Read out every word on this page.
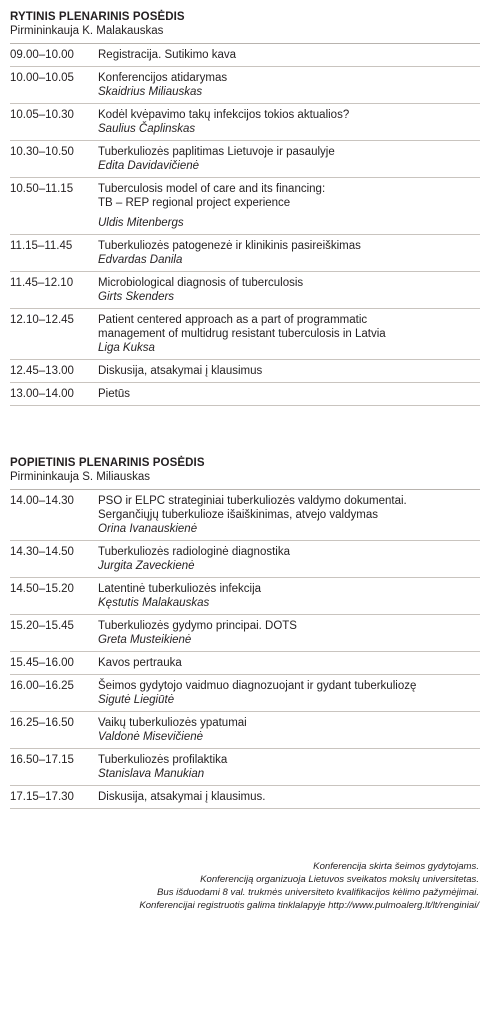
RYTINIS PLENARINIS POSĖDIS

Pirmininkauja K. Malakauskas

09.00–10.00	Registracija. Sutikimo kava
10.00–10.05	Konferencijos atidarymas
Skaidrius Miliauskas
10.05–10.30	Kodėl kvėpavimo takų infekcijos tokios aktualios?
Saulius Čaplinskas
10.30–10.50	Tuberkuliozės paplitimas Lietuvoje ir pasaulyje
Edita Davidavičienė
10.50–11.15	Tuberculosis model of care and its financing:
TB – REP regional project experience
Uldis Mitenbergs
11.15–11.45	Tuberkuliozės patogenezė ir klinikinis pasireiškimas
Edvardas Danila
11.45–12.10	Microbiological diagnosis of tuberculosis
Girts Skenders
12.10–12.45	Patient centered approach as a part of programmatic
management of multidrug resistant tuberculosis in Latvia
Liga Kuksa
12.45–13.00	Diskusija, atsakymai į klausimus
13.00–14.00	Pietūs
POPIETINIS PLENARINIS POSĖDIS

Pirmininkauja S. Miliauskas

14.00–14.30	PSO ir ELPC strateginiai tuberkuliozės valdymo dokumentai.
Sergančiųjų tuberkulioze išaiškinimas, atvejo valdymas
Orina Ivanauskienė
14.30–14.50	Tuberkuliozės radiologinė diagnostika
Jurgita Zaveckienė
14.50–15.20	Latentinė tuberkuliozės infekcija
Kęstutis Malakauskas
15.20–15.45	Tuberkuliozės gydymo principai. DOTS
Greta Musteikienė
15.45–16.00	Kavos pertrauka
16.00–16.25	Šeimos gydytojo vaidmuo diagnozuojant ir gydant tuberkuliozę
Sigutė Liegiūtė
16.25–16.50	Vaikų tuberkuliozės ypatumai
Valdonė Misevičienė
16.50–17.15	Tuberkuliozės profilaktika
Stanislava Manukian
17.15–17.30	Diskusija, atsakymai į klausimus.
Konferencija skirta šeimos gydytojams.
Konferenciją organizuoja Lietuvos sveikatos mokslų universitetas.
Bus išduodami 8 val. trukmės universiteto kvalifikacijos kėlimo pažymėjimai.
Konferencijai registruotis galima tinklalapyje http://www.pulmoalerg.lt/lt/renginiai/
